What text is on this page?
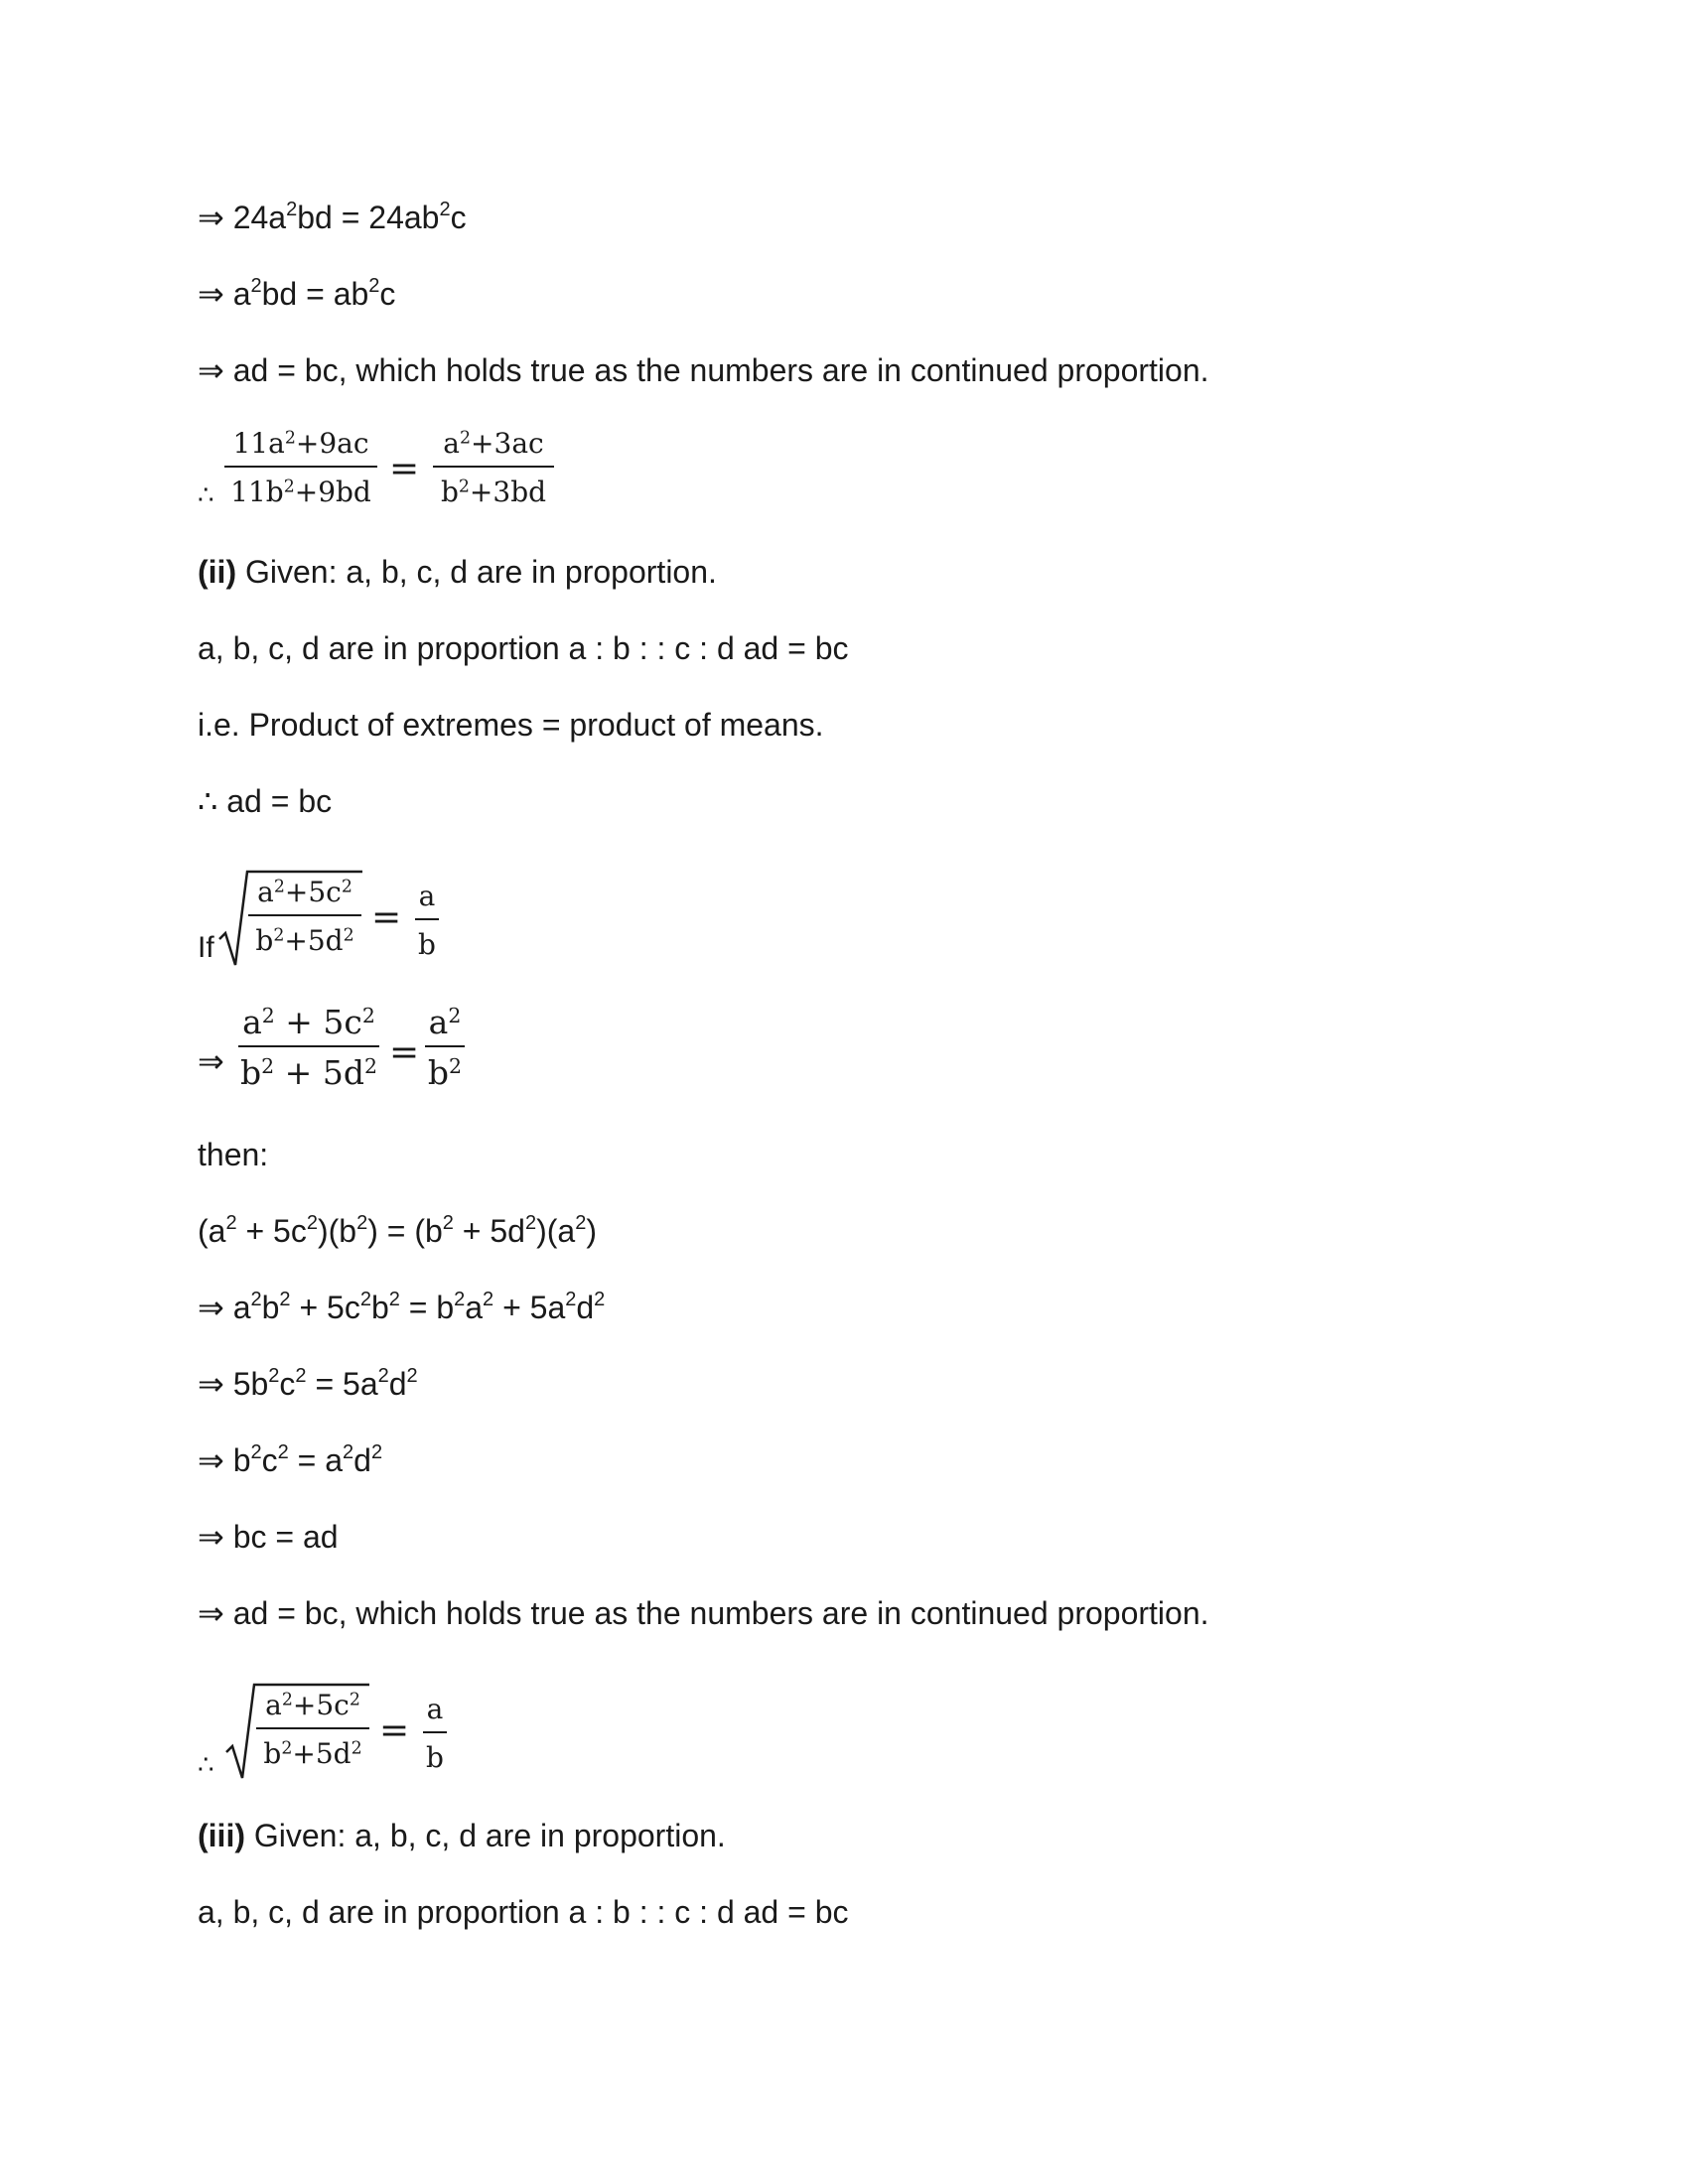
⇒ $24a^2bd = 24ab^2c$
⇒ $a^2bd = ab^2c$
⇒ ad = bc, which holds true as the numbers are in continued proportion.
∴
$11a^2+9ac$
$11b^2+9bd$
=
$a^2+3ac$
$b^2+3bd$
(ii) Given: a, b, c, d are in proportion.
a, b, c, d are in proportion a : b : : c : d ad = bc
i.e. Product of extremes = product of means.
∴ ad = bc
If
$a^2+5c^2$
$b^2+5d^2$ =
a
b
⇒
$a^2 + 5c^2$
$b^2 + 5d^2$ =
$a^2$
$b^2$
then:
$(a^2 + 5c^2)(b^2) = (b^2 + 5d^2)(a^2)$
⇒ $a^2b^2 + 5c^2b^2 = b^2a^2 + 5a^2d^2$
⇒ $5b^2c^2 = 5a^2d^2$
⇒ $b^2c^2 = a^2d^2$
⇒ bc = ad
⇒ ad = bc, which holds true as the numbers are in continued proportion.
∴
$a^2+5c^2$
$b^2+5d^2$ =
a
b
(iii) Given: a, b, c, d are in proportion.
a, b, c, d are in proportion a : b : : c : d ad = bc
